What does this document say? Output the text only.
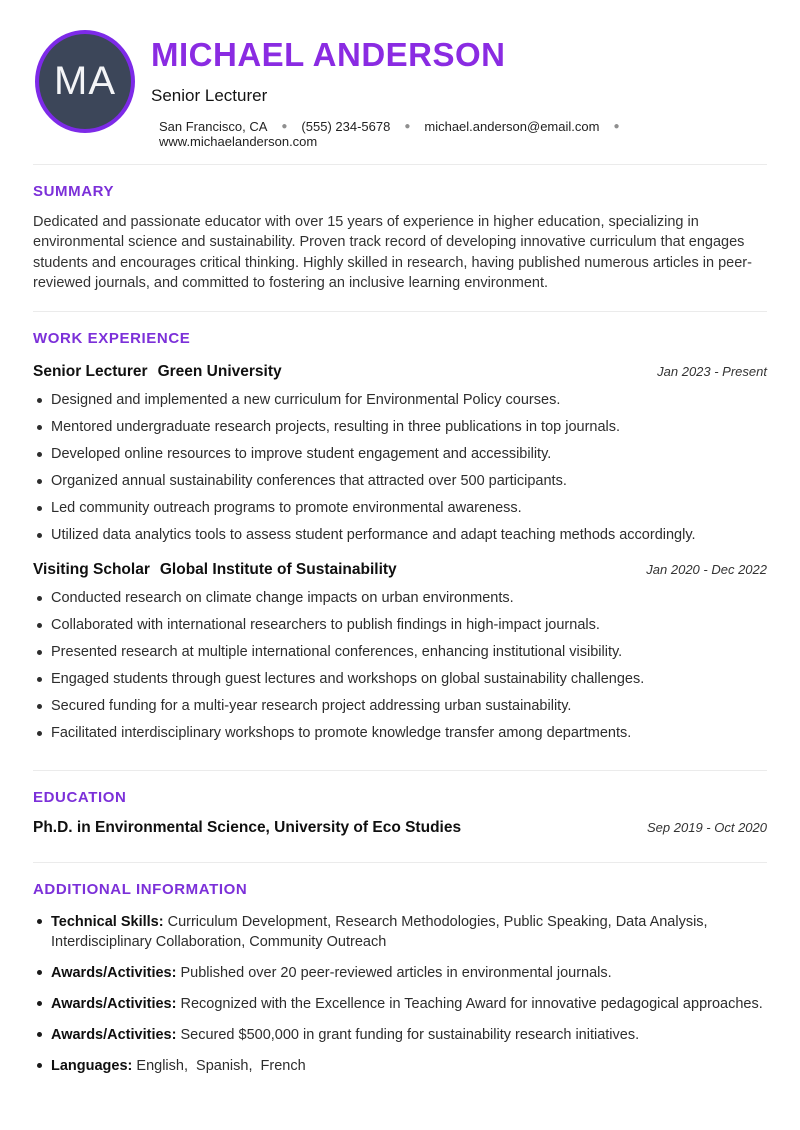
MA
MICHAEL ANDERSON
Senior Lecturer
San Francisco, CA ● (555) 234-5678 ● michael.anderson@email.com ●
www.michaelanderson.com
SUMMARY

Dedicated and passionate educator with over 15 years of experience in higher education, specializing in environmental science and sustainability. Proven track record of developing innovative curriculum that engages students and encourages critical thinking. Highly skilled in research, having published numerous articles in peer-reviewed journals, and committed to fostering an inclusive learning environment.

WORK EXPERIENCE
Senior Lecturer Green University	Jan 2023 - Present
Designed and implemented a new curriculum for Environmental Policy courses.
Mentored undergraduate research projects, resulting in three publications in top journals.
Developed online resources to improve student engagement and accessibility.
Organized annual sustainability conferences that attracted over 500 participants.
Led community outreach programs to promote environmental awareness.
Utilized data analytics tools to assess student performance and adapt teaching methods accordingly.
Visiting Scholar Global Institute of Sustainability	Jan 2020 - Dec 2022
Conducted research on climate change impacts on urban environments.
Collaborated with international researchers to publish findings in high-impact journals.
Presented research at multiple international conferences, enhancing institutional visibility.
Engaged students through guest lectures and workshops on global sustainability challenges.
Secured funding for a multi-year research project addressing urban sustainability.
Facilitated interdisciplinary workshops to promote knowledge transfer among departments.
EDUCATION
Ph.D. in Environmental Science, University of Eco Studies	Sep 2019 - Oct 2020
ADDITIONAL INFORMATION
Technical Skills: Curriculum Development, Research Methodologies, Public Speaking, Data Analysis, Interdisciplinary Collaboration, Community Outreach
Awards/Activities: Published over 20 peer-reviewed articles in environmental journals.
Awards/Activities: Recognized with the Excellence in Teaching Award for innovative pedagogical approaches.
Awards/Activities: Secured $500,000 in grant funding for sustainability research initiatives.
Languages: English,  Spanish,  French
